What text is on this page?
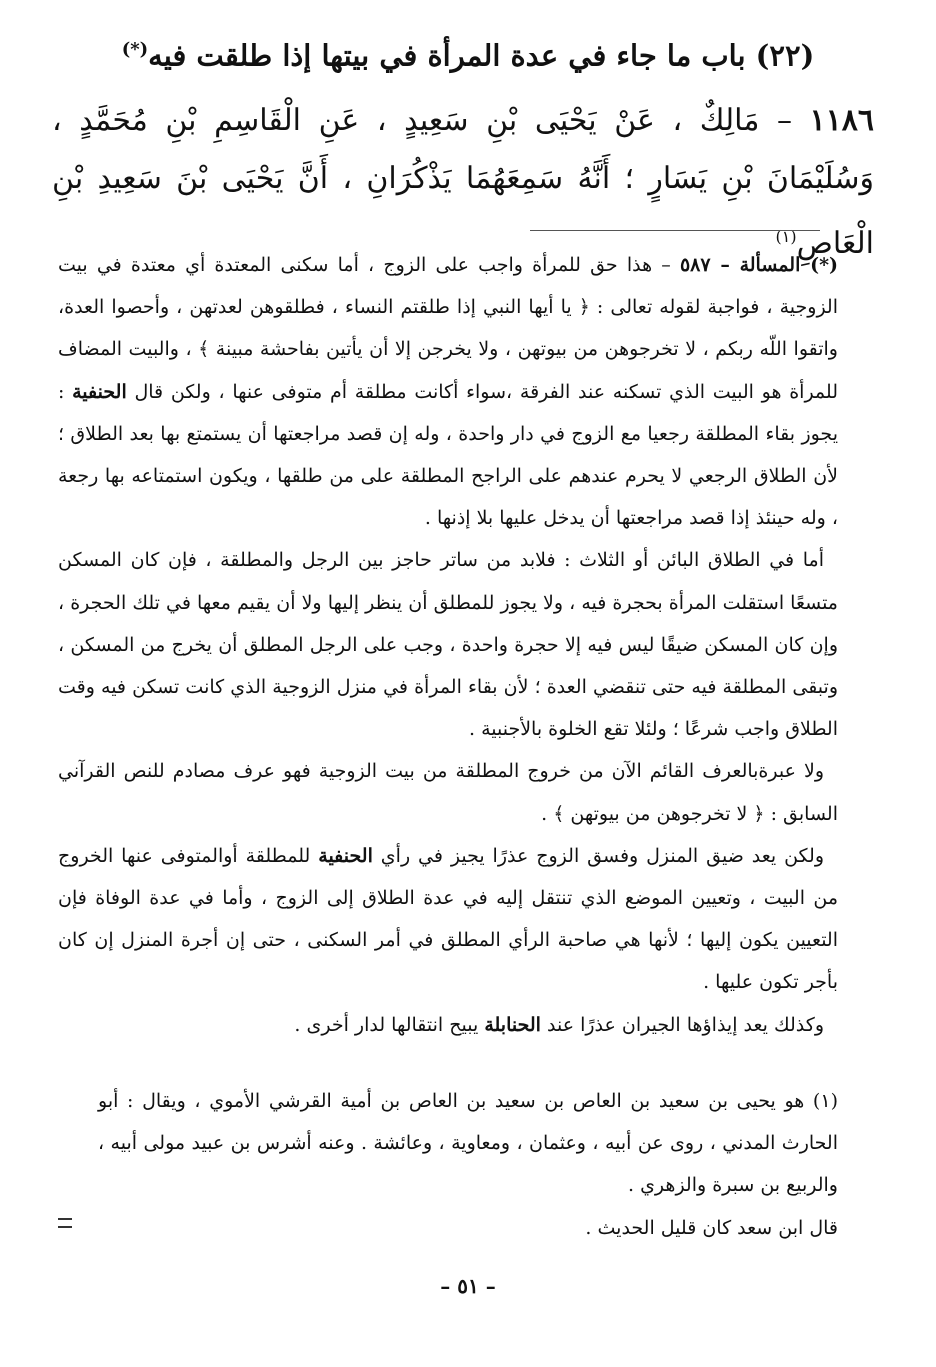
(٢٢) باب ما جاء في عدة المرأة في بيتها إذا طلقت فيه(*)
١١٨٦ – مَالِكٌ ، عَنْ يَحْيَى بْنِ سَعِيدٍ ، عَنِ الْقَاسِمِ بْنِ مُحَمَّدٍ ، وَسُلَيْمَانَ بْنِ يَسَارٍ ؛ أَنَّهُ سَمِعَهُمَا يَذْكُرَانِ ، أَنَّ يَحْيَى بْنَ سَعِيدِ بْنِ الْعَاصِ$^{(١)}$

(*) المسألة – ٥٨٧ – هذا حق للمرأة واجب على الزوج ، أما سكنى المعتدة أي معتدة في بيت الزوجية ، فواجبة لقوله تعالى : ﴿ يا أيها النبي إذا طلقتم النساء ، فطلقوهن لعدتهن ، وأحصوا العدة، واتقوا اللّه ربكم ، لا تخرجوهن من بيوتهن ، ولا يخرجن إلا أن يأتين بفاحشة مبينة ﴾ ، والبيت المضاف للمرأة هو البيت الذي تسكنه عند الفرقة ،سواء أكانت مطلقة أم متوفى عنها ، ولكن قال الحنفية : يجوز بقاء المطلقة رجعيا مع الزوج في دار واحدة ، وله إن قصد مراجعتها أن يستمتع بها بعد الطلاق ؛ لأن الطلاق الرجعي لا يحرم عندهم على الراجح المطلقة على من طلقها ، ويكون استمتاعه بها رجعة ، وله حينئذ إذا قصد مراجعتها أن يدخل عليها بلا إذنها .

أما في الطلاق البائن أو الثلاث : فلابد من ساتر حاجز بين الرجل والمطلقة ، فإن كان المسكن متسعًا استقلت المرأة بحجرة فيه ، ولا يجوز للمطلق أن ينظر إليها ولا أن يقيم معها في تلك الحجرة ، وإن كان المسكن ضيقًا ليس فيه إلا حجرة واحدة ، وجب على الرجل المطلق أن يخرج من المسكن ، وتبقى المطلقة فيه حتى تنقضي العدة ؛ لأن بقاء المرأة في منزل الزوجية الذي كانت تسكن فيه وقت الطلاق واجب شرعًا ؛ ولئلا تقع الخلوة بالأجنبية .

ولا عبرةبالعرف القائم الآن من خروج المطلقة من بيت الزوجية فهو عرف مصادم للنص القرآني السابق : ﴿ لا تخرجوهن من بيوتهن ﴾ .

ولكن يعد ضيق المنزل وفسق الزوج عذرًا يجيز في رأي الحنفية للمطلقة أوالمتوفى عنها الخروج من البيت ، وتعيين الموضع الذي تنتقل إليه في عدة الطلاق إلى الزوج ، وأما في عدة الوفاة فإن التعيين يكون إليها ؛ لأنها هي صاحبة الرأي المطلق في أمر السكنى ، حتى إن أجرة المنزل إن كان بأجر تكون عليها .

وكذلك يعد إيذاؤها الجيران عذرًا عند الحنابلة يبيح انتقالها لدار أخرى .

(١) هو يحيى بن سعيد بن العاص بن سعيد بن العاص بن أمية القرشي الأموي ، ويقال : أبو الحارث المدني ، روى عن أبيه ، وعثمان ، ومعاوية ، وعائشة . وعنه أشرس بن عبيد مولى أبيه ، والربيع بن سبرة والزهري .

قال ابن سعد كان قليل الحديث .

– ٥١ –
